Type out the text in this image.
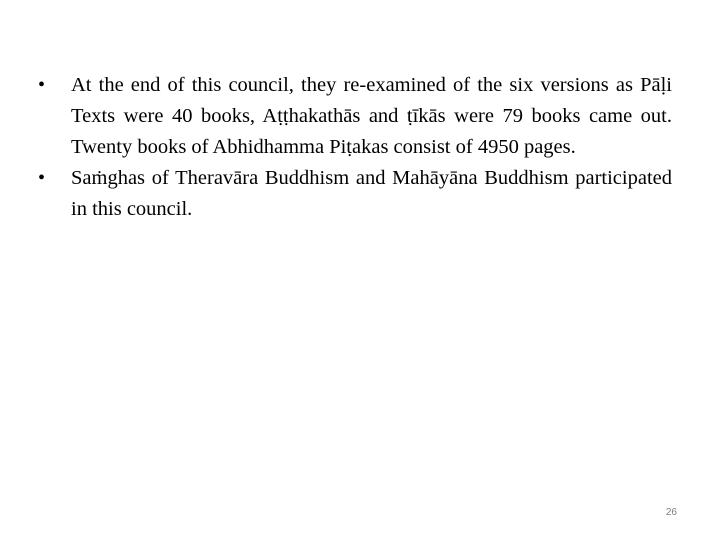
• At the end of this council, they re-examined of the six versions as Pāḷi Texts were 40 books, Aṭṭhakathās and ṭīkās were 79 books came out. Twenty books of Abhidhamma Piṭakas consist of 4950 pages.
• Saṁghas of Theravāra Buddhism and Mahāyāna Buddhism participated in this council.
26
